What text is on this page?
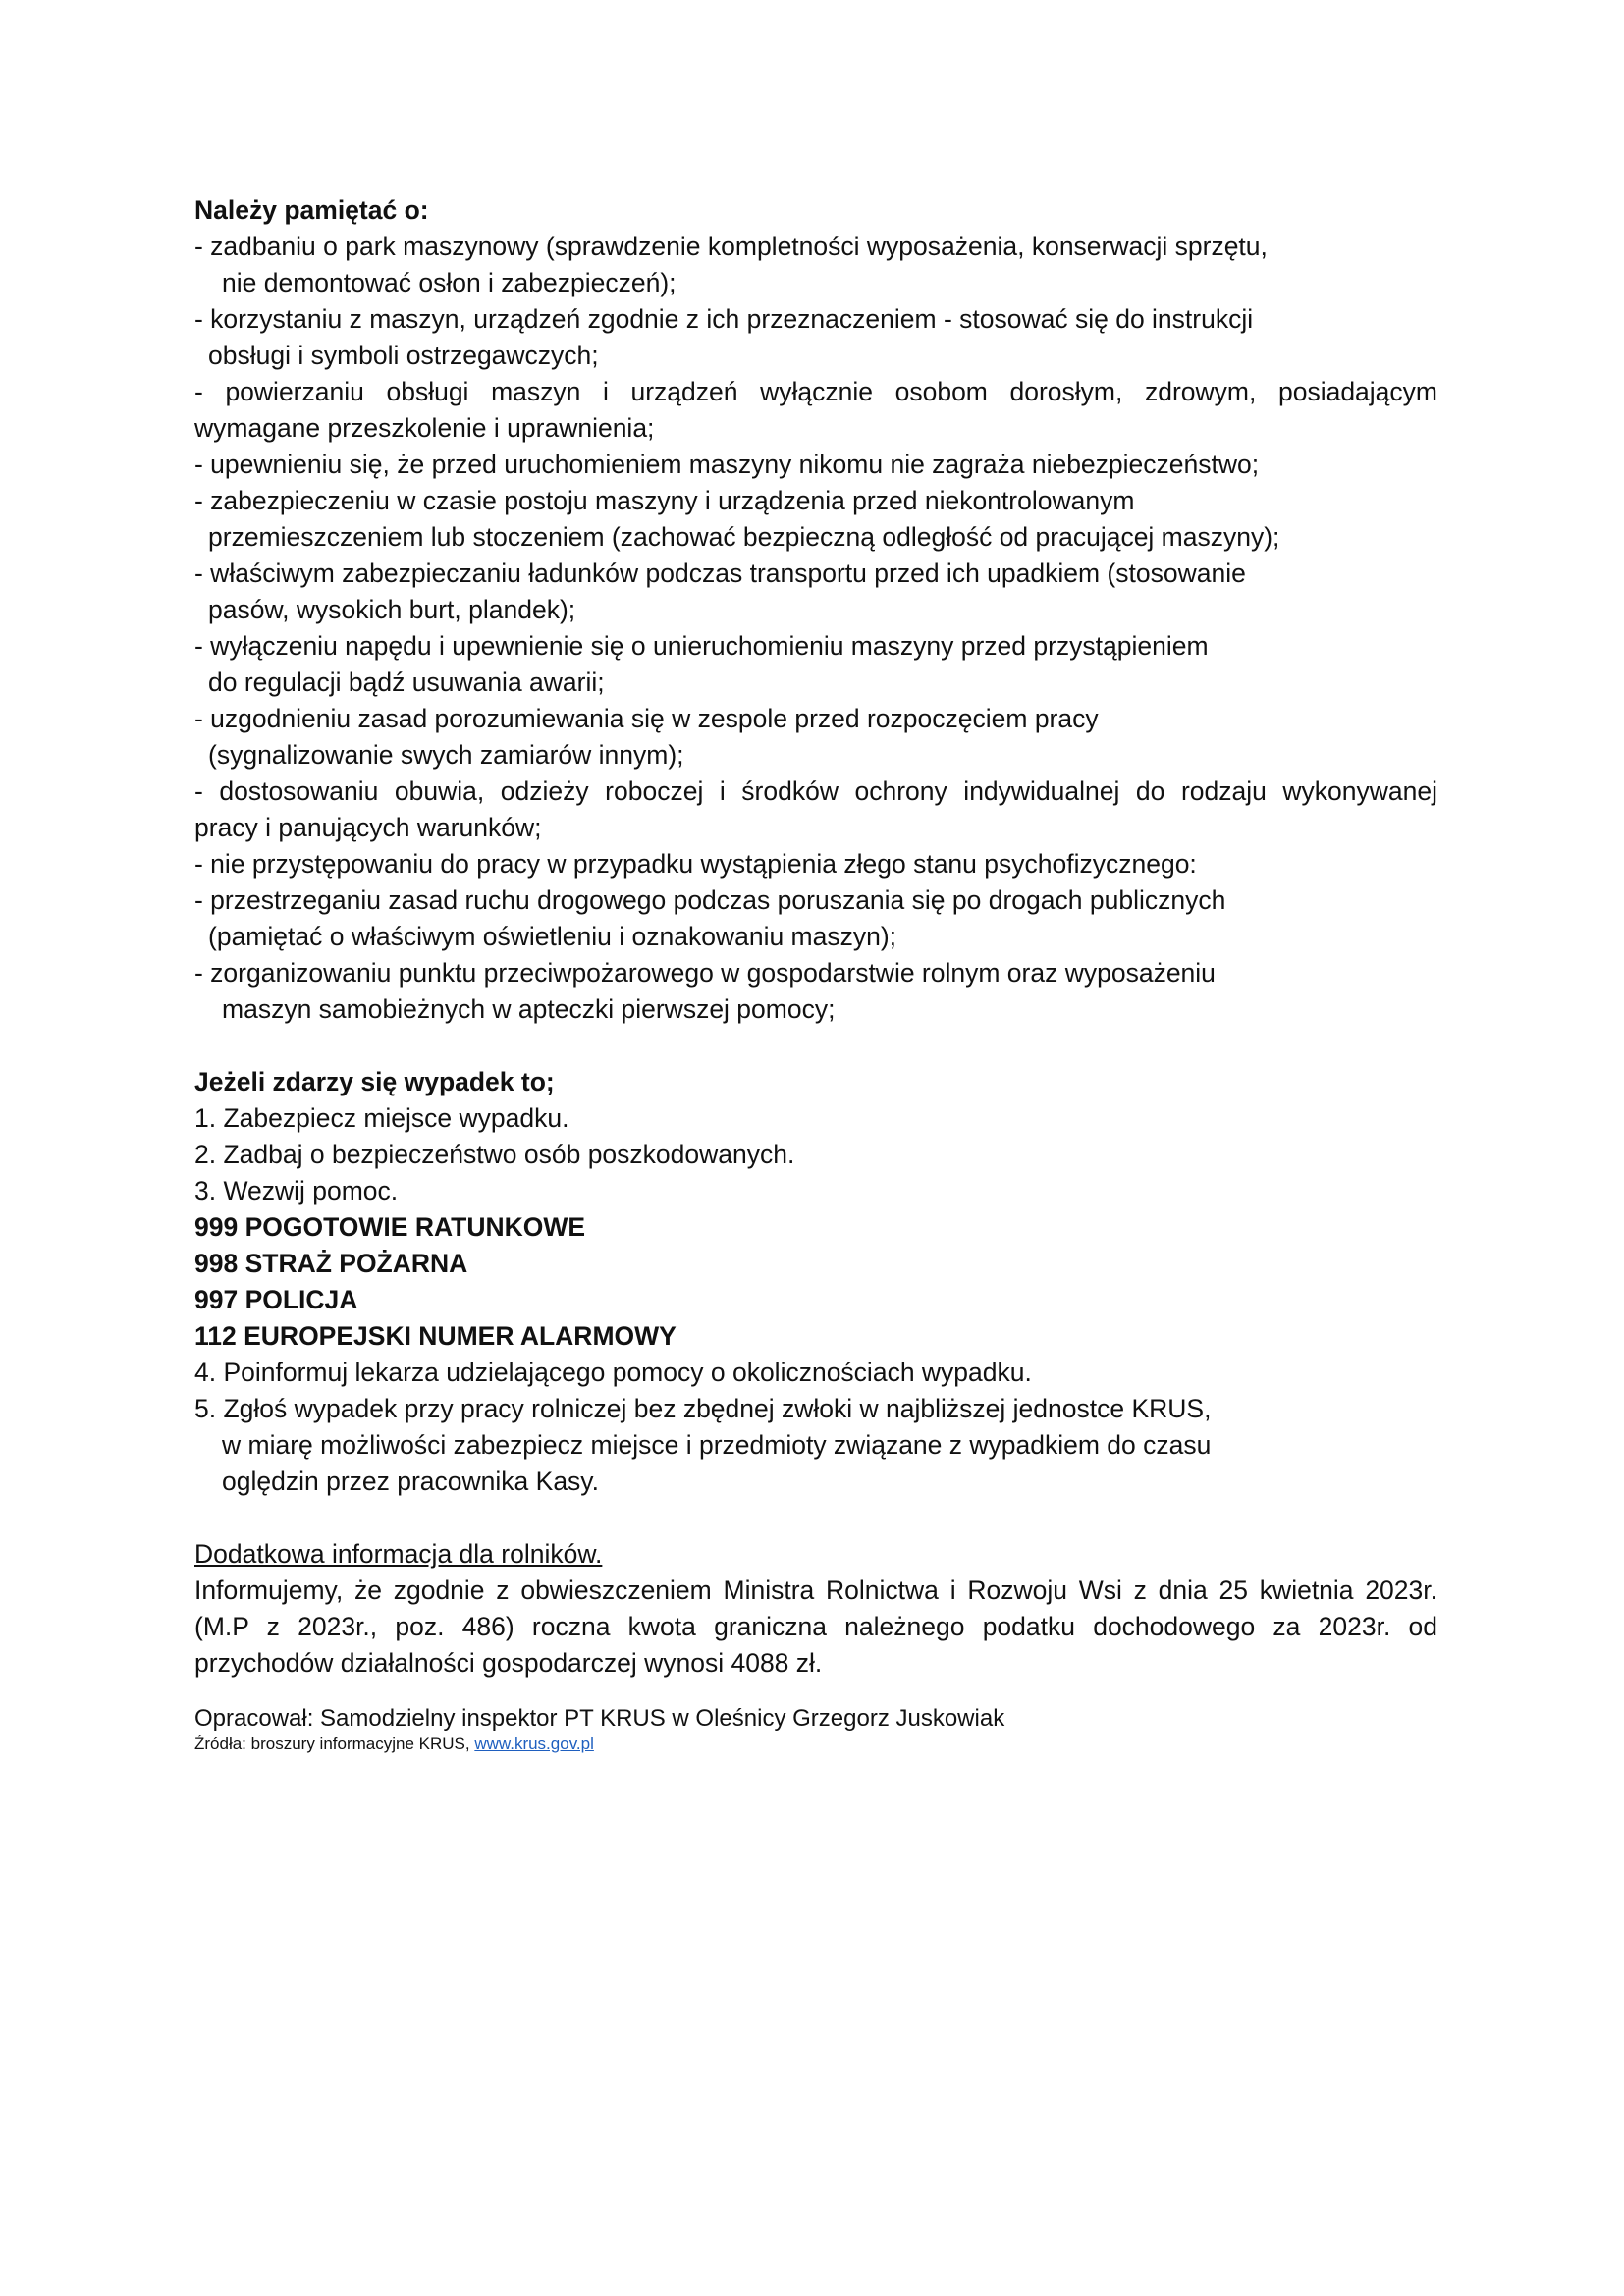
Należy pamiętać o:
- zadbaniu o park maszynowy (sprawdzenie kompletności wyposażenia, konserwacji sprzętu,
nie demontować osłon i zabezpieczeń);
- korzystaniu z maszyn, urządzeń zgodnie z ich przeznaczeniem - stosować się do instrukcji
obsługi i symboli ostrzegawczych;
- powierzaniu obsługi maszyn i urządzeń wyłącznie osobom dorosłym, zdrowym, posiadającym
wymagane przeszkolenie i uprawnienia;
- upewnieniu się, że przed uruchomieniem maszyny nikomu nie zagraża niebezpieczeństwo;
- zabezpieczeniu w czasie postoju maszyny i urządzenia przed niekontrolowanym
przemieszczeniem lub stoczeniem (zachować bezpieczną odległość od pracującej maszyny);
- właściwym zabezpieczaniu ładunków podczas transportu przed ich upadkiem (stosowanie
pasów, wysokich burt, plandek);
- wyłączeniu napędu i upewnienie się o unieruchomieniu maszyny przed przystąpieniem
do regulacji bądź usuwania awarii;
- uzgodnieniu zasad porozumiewania się w zespole przed rozpoczęciem pracy
(sygnalizowanie swych zamiarów innym);
- dostosowaniu obuwia, odzieży roboczej i środków ochrony indywidualnej do rodzaju wykonywanej
pracy i panujących warunków;
- nie przystępowaniu do pracy w przypadku wystąpienia złego stanu psychofizycznego:
- przestrzeganiu zasad ruchu drogowego podczas poruszania się po drogach publicznych
(pamiętać o właściwym oświetleniu i oznakowaniu maszyn);
- zorganizowaniu punktu przeciwpożarowego w gospodarstwie rolnym oraz wyposażeniu
maszyn samobieżnych w apteczki pierwszej pomocy;
Jeżeli zdarzy się wypadek to;
1. Zabezpiecz miejsce wypadku.
2. Zadbaj o bezpieczeństwo osób poszkodowanych.
3. Wezwij pomoc.
999 POGOTOWIE RATUNKOWE
998 STRAŻ POŻARNA
997 POLICJA
112 EUROPEJSKI NUMER ALARMOWY
4. Poinformuj lekarza udzielającego pomocy o okolicznościach wypadku.
5. Zgłoś wypadek przy pracy rolniczej bez zbędnej zwłoki w najbliższej jednostce KRUS,
w miarę możliwości zabezpiecz miejsce i przedmioty związane z wypadkiem do czasu
oględzin przez pracownika Kasy.
Dodatkowa informacja dla rolników.
Informujemy, że zgodnie z obwieszczeniem Ministra Rolnictwa i Rozwoju Wsi z dnia 25 kwietnia 2023r.
(M.P z 2023r., poz. 486) roczna kwota graniczna należnego podatku dochodowego za 2023r. od
przychodów działalności gospodarczej wynosi 4088 zł.
Opracował: Samodzielny inspektor PT KRUS w Oleśnicy Grzegorz Juskowiak
Źródła: broszury informacyjne KRUS, www.krus.gov.pl
